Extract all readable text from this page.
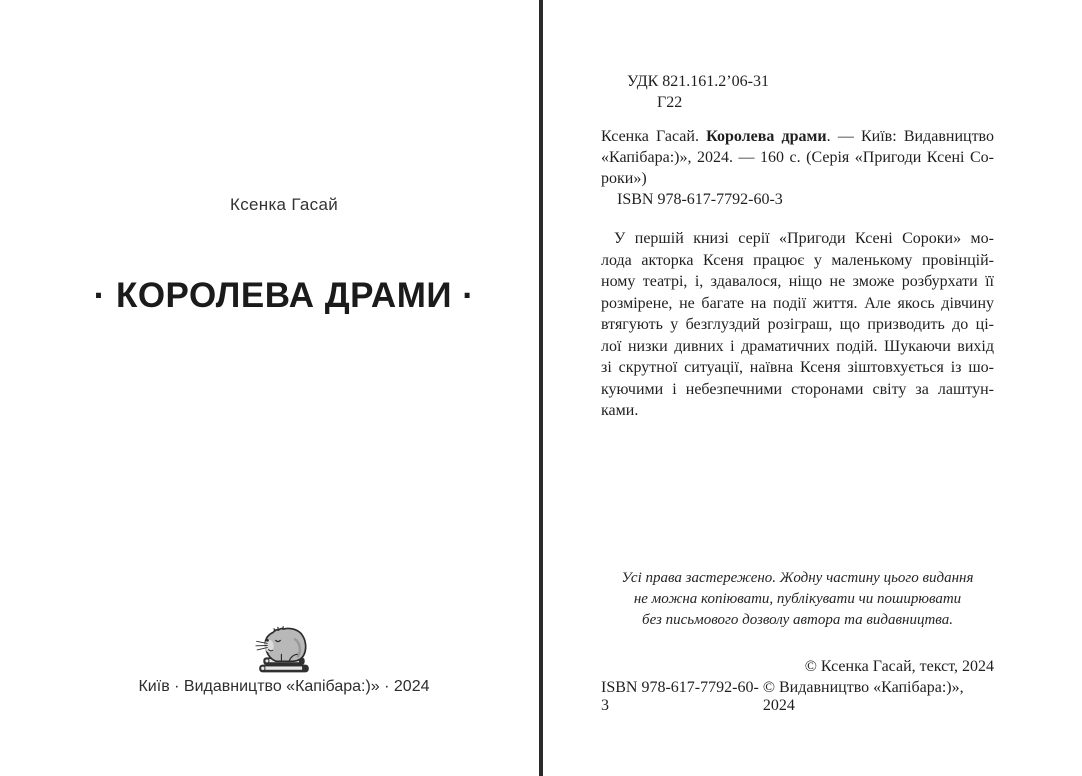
Ксенка Гасай
· КОРОЛЕВА ДРАМИ ·
Київ · Видавництво «Капібара:)» · 2024
УДК 821.161.2’06-31
Г22
Ксенка Гасай. Королева драми. — Київ: Видавництво
«Капібара:)», 2024. — 160 с. (Серія «Пригоди Ксені Со-
роки»)
ISBN 978-617-7792-60-3
У першій книзі серії «Пригоди Ксені Сороки» мо-
лода акторка Ксеня працює у маленькому провінцій-
ному театрі, і, здавалося, ніщо не зможе розбурхати її
розмірене, не багате на події життя. Але якось дівчину
втягують у безглуздий розіграш, що призводить до ці-
лої низки дивних і драматичних подій. Шукаючи вихід
зі скрутної ситуації, наївна Ксеня зіштовхується із шо-
куючими і небезпечними сторонами світу за лаштун-
ками.
Усі права застережено. Жодну частину цього видання
не можна копіювати, публікувати чи поширювати
без письмового дозволу автора та видавництва.
© Ксенка Гасай, текст, 2024
ISBN 978-617-7792-60-3
© Видавництво «Капібара:)», 2024
